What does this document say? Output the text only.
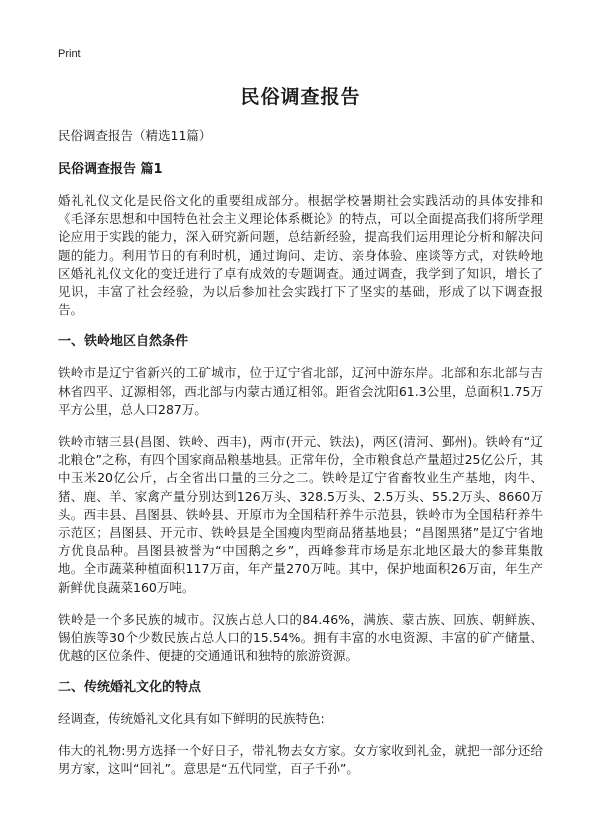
Print
民俗调查报告
民俗调查报告（精选11篇）
民俗调查报告 篇1

婚礼礼仪文化是民俗文化的重要组成部分。根据学校暑期社会实践活动的具体安排和《毛泽东思想和中国特色社会主义理论体系概论》的特点，可以全面提高我们将所学理论应用于实践的能力，深入研究新问题，总结新经验，提高我们运用理论分析和解决问题的能力。利用节日的有利时机，通过询问、走访、亲身体验、座谈等方式，对铁岭地区婚礼礼仪文化的变迁进行了卓有成效的专题调查。通过调查，我学到了知识，增长了见识，丰富了社会经验，为以后参加社会实践打下了坚实的基础，形成了以下调查报告。

一、铁岭地区自然条件

铁岭市是辽宁省新兴的工矿城市，位于辽宁省北部，辽河中游东岸。北部和东北部与吉林省四平、辽源相邻，西北部与内蒙古通辽相邻。距省会沈阳61.3公里，总面积1.75万平方公里，总人口287万。

铁岭市辖三县(昌图、铁岭、西丰)，两市(开元、铁法)，两区(清河、鄞州)。铁岭有“辽北粮仓”之称，有四个国家商品粮基地县。正常年份，全市粮食总产量超过25亿公斤，其中玉米20亿公斤，占全省出口量的三分之二。铁岭是辽宁省畜牧业生产基地，肉牛、猪、鹿、羊、家禽产量分别达到126万头、328.5万头、2.5万头、55.2万头、8660万头。西丰县、昌图县、铁岭县、开原市为全国秸秆养牛示范县，铁岭市为全国秸秆养牛示范区；昌图县、开元市、铁岭县是全国瘦肉型商品猪基地县；“昌图黑猪”是辽宁省地方优良品种。昌图县被誉为“中国鹅之乡”，西峰参茸市场是东北地区最大的参茸集散地。全市蔬菜种植面积117万亩，年产量270万吨。其中，保护地面积26万亩，年生产新鲜优良蔬菜160万吨。

铁岭是一个多民族的城市。汉族占总人口的84.46%，满族、蒙古族、回族、朝鲜族、锡伯族等30个少数民族占总人口的15.54%。拥有丰富的水电资源、丰富的矿产储量、优越的区位条件、便捷的交通通讯和独特的旅游资源。

二、传统婚礼文化的特点

经调查，传统婚礼文化具有如下鲜明的民族特色:

伟大的礼物:男方选择一个好日子，带礼物去女方家。女方家收到礼金，就把一部分还给男方家，这叫“回礼”。意思是“五代同堂，百子千孙”。
